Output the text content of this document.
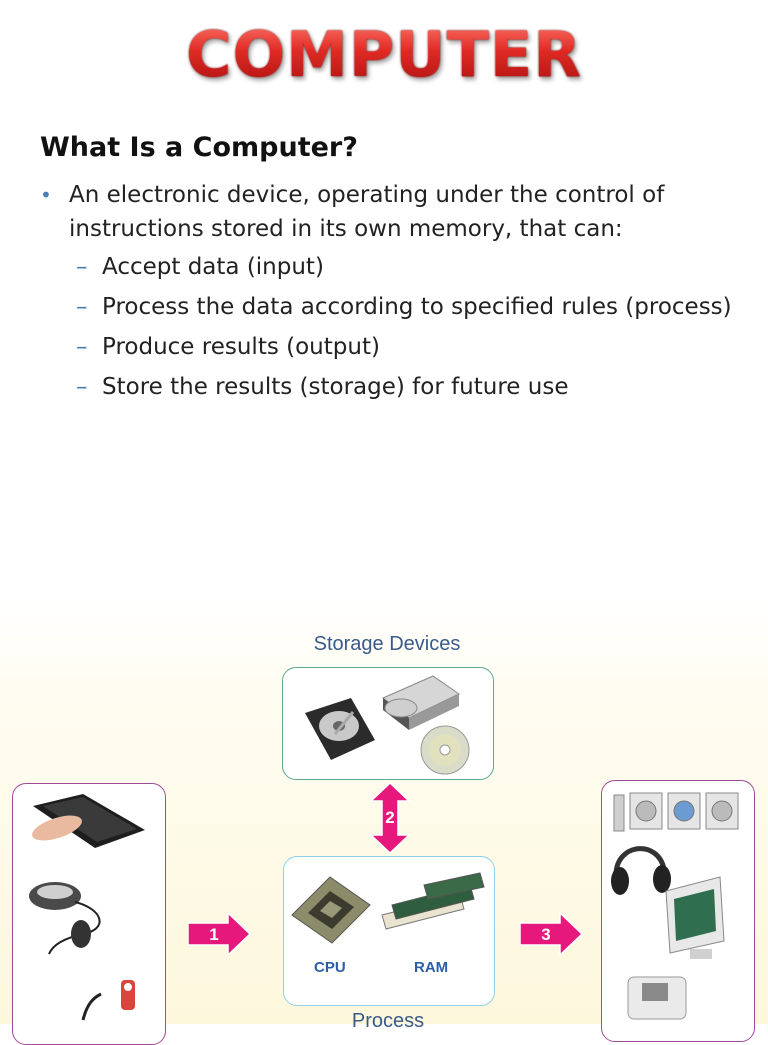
COMPUTER
What Is a Computer?
• An electronic device, operating under the control of instructions stored in its own memory, that can:
– Accept data (input)
– Process the data according to specified rules (process)
– Produce results (output)
– Store the results (storage) for future use
Storage Devices
2
CPU	RAM
Process
1	3
